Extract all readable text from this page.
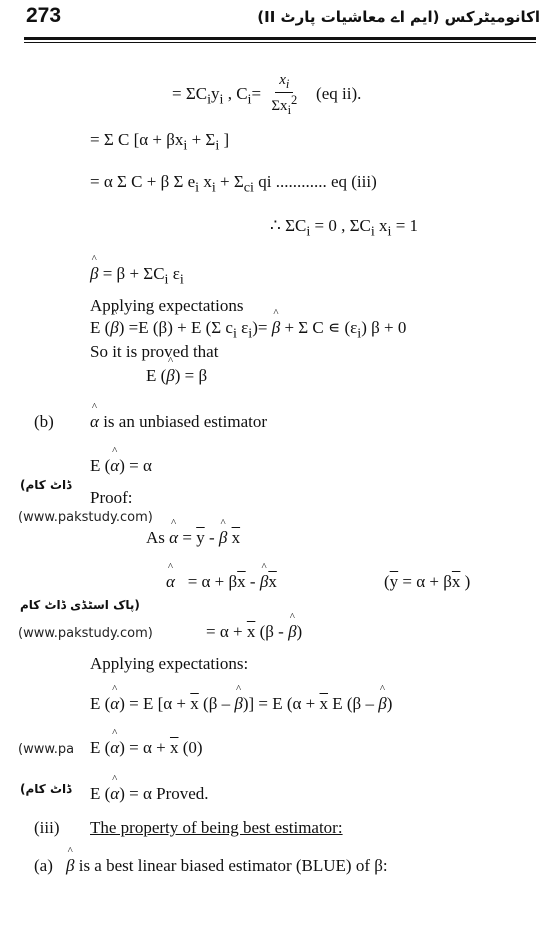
273	اکانومیٹرکس (ایم اے معاشیات پارٹ II)
= $\Sigma C_iy_i$ , $C_i= \frac{x_i}{\Sigma x_i^2} (eq$ ii).
= Σ C [$\alpha + \beta x_i + \Sigma_i$ ]
= α Σ C + β Σ $e_i$ $x_i + \Sigma_{ci}$ qi ............ eq (iii)
∴ $\Sigma C_i = 0$ , $\Sigma C_i$ $x_i = 1$
^ $\beta = \beta + \Sigma C_i$ $\varepsilon_i$
Applying expectations
E (^ β) =E (β) + E (Σ $c_i$ $\varepsilon_i)=$ ^ β + Σ C ∊ $(\varepsilon_i) \beta + 0$
So it is proved that
E (^ β) = β
(b) ^ α is an unbiased estimator
E (^ α) = α
ڈاٹ کام)
Proof:
(www.pakstudy.com)
As ^ $\alpha = \overline{y}$ - ^ β $\overline{x}$
^ $\alpha = \alpha + \beta\overline{x}$ - ^ $\beta\overline{x}$	($\overline{y} = \alpha + \beta\overline{x}$ )
(پاک اسٹڈی ڈاٹ کام
(www.pakstudy.com)	= $\alpha + \overline{x}$ (β - ^ β)
Applying expectations:
E (^ α) = E [$\alpha + \overline{x}$ (β – ^ β)] = E ($\alpha + \overline{x}$ E (β – ^ β)
(www.pa E (^ $\alpha) = \alpha + \overline{x}$ (0)
ڈاٹ کام) E (^ α) = α Proved.
(iii) The property of being best estimator:
(a) ^ β is a best linear biased estimator (BLUE) of β:
